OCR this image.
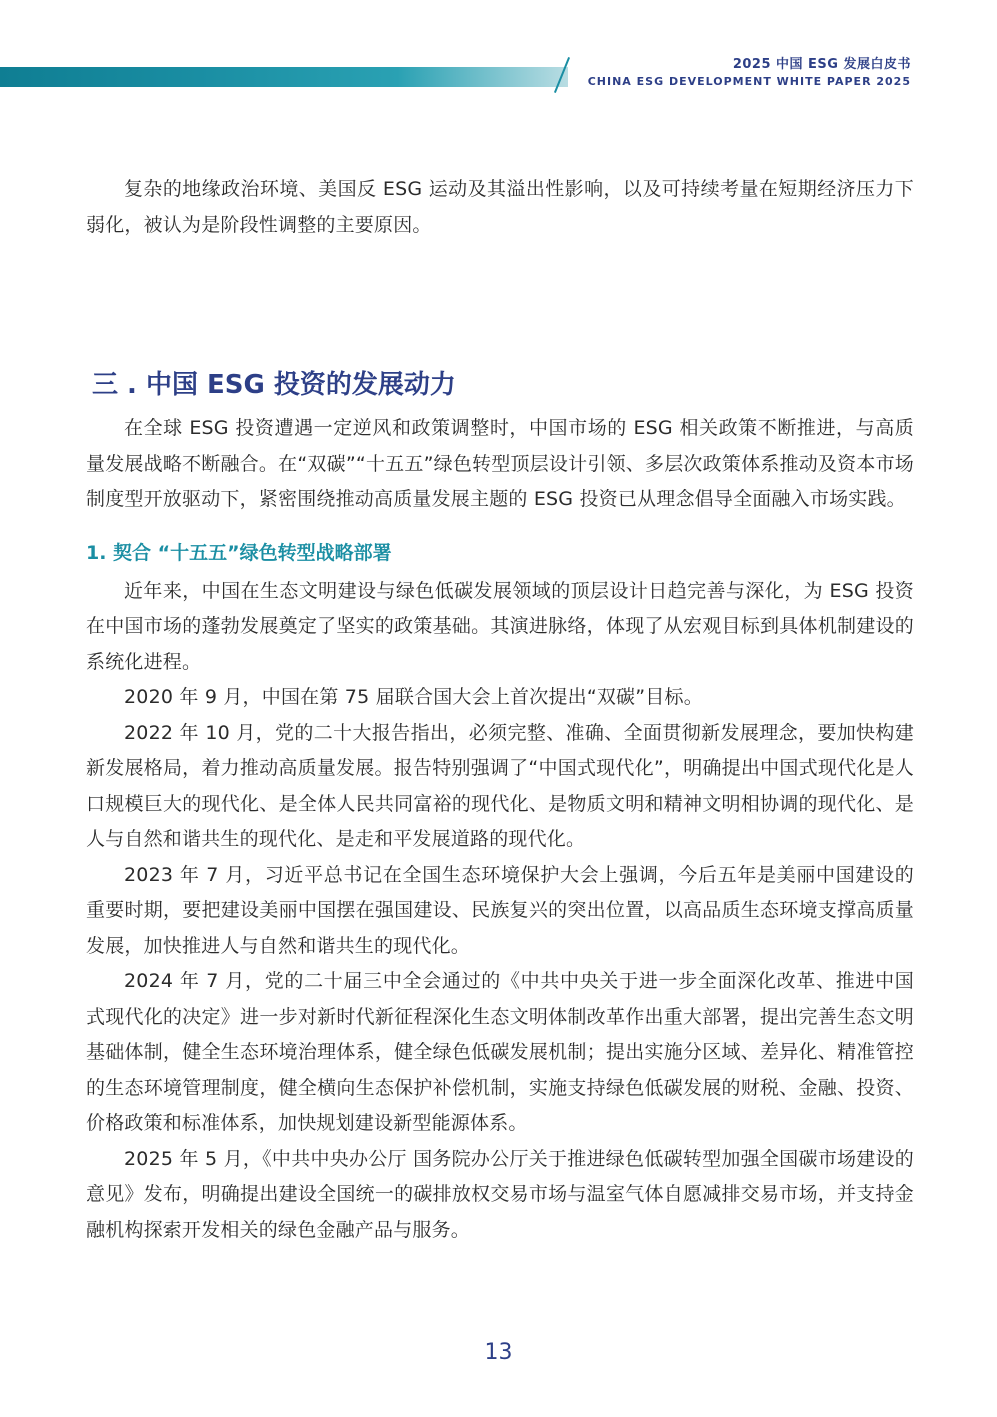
2025 中国 ESG 发展白皮书
CHINA ESG DEVELOPMENT WHITE PAPER 2025

复杂的地缘政治环境、美国反 ESG 运动及其溢出性影响，以及可持续考量在短期经济压力下弱化，被认为是阶段性调整的主要原因。

三 . 中国 ESG 投资的发展动力

在全球 ESG 投资遭遇一定逆风和政策调整时，中国市场的 ESG 相关政策不断推进，与高质量发展战略不断融合。在“双碳”“十五五”绿色转型顶层设计引领、多层次政策体系推动及资本市场制度型开放驱动下，紧密围绕推动高质量发展主题的 ESG 投资已从理念倡导全面融入市场实践。

1. 契合 “十五五”绿色转型战略部署

近年来，中国在生态文明建设与绿色低碳发展领域的顶层设计日趋完善与深化，为 ESG 投资在中国市场的蓬勃发展奠定了坚实的政策基础。其演进脉络，体现了从宏观目标到具体机制建设的系统化进程。

2020 年 9 月，中国在第 75 届联合国大会上首次提出“双碳”目标。

2022 年 10 月，党的二十大报告指出，必须完整、准确、全面贯彻新发展理念，要加快构建新发展格局，着力推动高质量发展。报告特别强调了“中国式现代化”，明确提出中国式现代化是人口规模巨大的现代化、是全体人民共同富裕的现代化、是物质文明和精神文明相协调的现代化、是人与自然和谐共生的现代化、是走和平发展道路的现代化。

2023 年 7 月，习近平总书记在全国生态环境保护大会上强调，今后五年是美丽中国建设的重要时期，要把建设美丽中国摆在强国建设、民族复兴的突出位置，以高品质生态环境支撑高质量发展，加快推进人与自然和谐共生的现代化。

2024 年 7 月，党的二十届三中全会通过的《中共中央关于进一步全面深化改革、推进中国式现代化的决定》进一步对新时代新征程深化生态文明体制改革作出重大部署，提出完善生态文明基础体制，健全生态环境治理体系，健全绿色低碳发展机制；提出实施分区域、差异化、精准管控的生态环境管理制度，健全横向生态保护补偿机制，实施支持绿色低碳发展的财税、金融、投资、价格政策和标准体系，加快规划建设新型能源体系。

2025 年 5 月，《中共中央办公厅 国务院办公厅关于推进绿色低碳转型加强全国碳市场建设的意见》发布，明确提出建设全国统一的碳排放权交易市场与温室气体自愿减排交易市场，并支持金融机构探索开发相关的绿色金融产品与服务。

13
